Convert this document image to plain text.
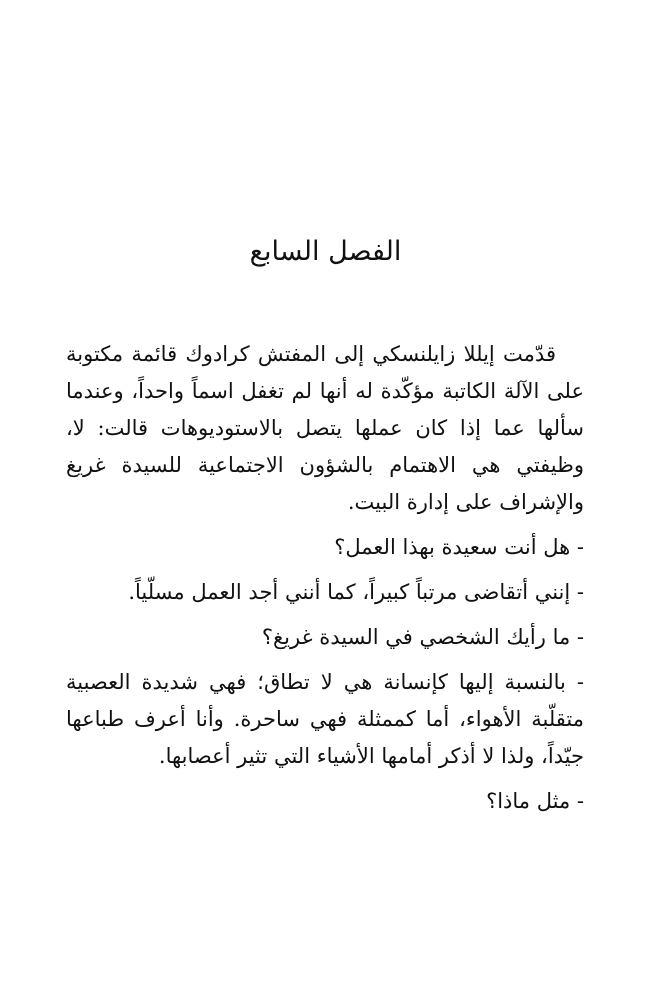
الفصل السابع

قدّمت إيللا زايلنسكي إلى المفتش كرادوك قائمة مكتوبة على الآلة الكاتبة مؤكّدة له أنها لم تغفل اسماً واحداً، وعندما سألها عما إذا كان عملها يتصل بالاستوديوهات قالت: لا، وظيفتي هي الاهتمام بالشؤون الاجتماعية للسيدة غريغ والإشراف على إدارة البيت.

- هل أنت سعيدة بهذا العمل؟

- إنني أتقاضى مرتباً كبيراً، كما أنني أجد العمل مسلّياً.

- ما رأيك الشخصي في السيدة غريغ؟

- بالنسبة إليها كإنسانة هي لا تطاق؛ فهي شديدة العصبية متقلّبة الأهواء، أما كممثلة فهي ساحرة. وأنا أعرف طباعها جيّداً، ولذا لا أذكر أمامها الأشياء التي تثير أعصابها.

- مثل ماذا؟
